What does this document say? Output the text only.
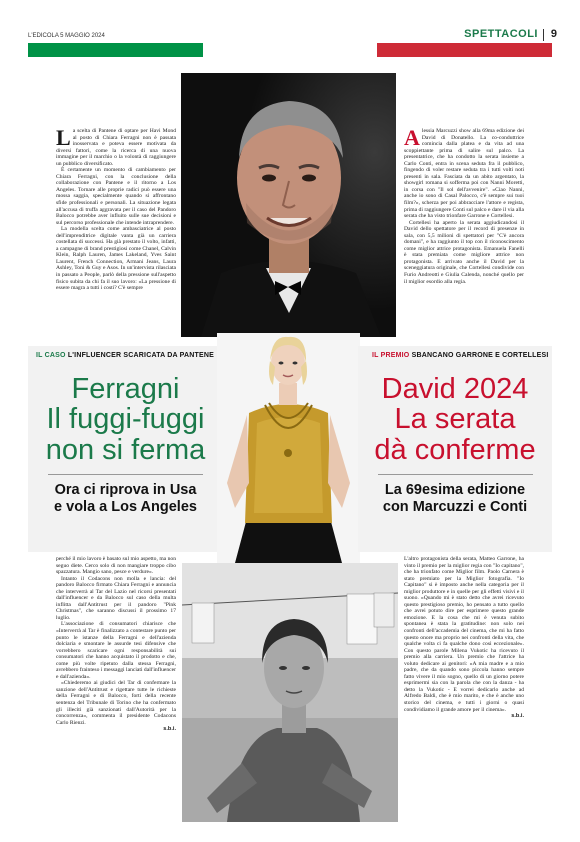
L'EDICOLA 5 MAGGIO 2024	SPETTACOLI 9

La scelta di Pantene di optare per Havi Mond al posto di Chiara Ferragni non è passata inosservata e poteva essere motivata da diversi fattori, come la ricerca di una nuova immagine per il marchio o la volontà di raggiungere un pubblico diversificato.

È certamente un momento di cambiamento per Chiara Ferragni, con la conclusione della collaborazione con Pantene e il ritorno a Los Angeles. Tornare alle proprie radici può essere una mossa saggia, specialmente quando si affrontano sfide professionali e personali. La situazione legata all'accusa di truffa aggravata per il caso del Pandoro Balocco potrebbe aver influito sulle sue decisioni e sul percorso professionale che intende intraprendere.

La modella scelta come ambasciatrice al posto dell'imprenditrice digitale vanta già un carriera costellata di successi. Ha già prestato il volto, infatti, a campagne di brand prestigiosi come Chanel, Calvin Klein, Ralph Lauren, James Lakeland, Yves Saint Laurent, French Connection, Armani Jeans, Laura Ashley, Toni & Guy e Asos. In un'intervista rilasciata in passato a People, parlò della pressione sull'aspetto fisico subita da chi fa il suo lavoro: «La pressione di essere magra a tutti i costi? C'è sempre

Alessia Marcuzzi show alla 69ma edizione dei David di Donatello. La co-conduttrice comincia dalla platea e da vita ad una scoppiettante prima di salire sul palco. La presentatrice, che ha condotto la serata insieme a Carlo Conti, entra in scena seduta fra il pubblico, fingendo di voler restare seduta tra i tutti volti noti presenti in sala. Fasciata da un abito argentato, la showgirl romana si sofferma poi con Nanni Moretti, in corsa con "Il sol dell'avvenire". «Ciao Nanni, anche io sono di Casal Palocco, c'è sempre sui tuoi film?», scherza per poi abbracciare l'attore e regista, prima di raggiungere Conti sul palco e dare il via alla serata che ha visto trionfare Garrone e Cortellesi.

Cortellesi ha aperto la serata aggiudicandosi il David dello spettatore per il record di presenze in sala, con 5,5 milioni di spettatori per "C'è ancora domani", e ha raggiunto il top con il riconoscimento come miglior attrice protagonista. Emanuela Fanelli è stata premiata come migliore attrice non protagonista. E arrivato anche il David per la sceneggiatura originale, che Cortellesi condivide con Furio Andreotti e Giulia Calenda, nonché quello per il miglior esordio alla regia.

IL CASO L'INFLUENCER SCARICATA DA PANTENE
Ferragni
Il fuggi-fuggi
non si ferma
Ora ci riprova in Usa
e vola a Los Angeles
IL PREMIO SBANCANO GARRONE E CORTELLESI
David 2024
La serata
dà conferme
La 69esima edizione
con Marcuzzi e Conti

perché il mio lavoro è basato sul mio aspetto, ma non seguo diete. Cerco solo di non mangiare troppo cibo spazzatura. Mangio sano, pesce e verdure».

Intanto il Codacons non molla e lancia: del pandoro Balocco firmato Chiara Ferragni e annuncia che interverrà al Tar del Lazio nel ricorsi presentati dall'influencer e da Balocco sul caso della multa inflitta dall'Antitrust per il pandoro "Pink Christmas", che saranno discussi il prossimo 17 luglio.

L'associazione di consumatori chiarisce che «Interverrà al Tar è finalizzato a contestare punto per punto le istanze della Ferragni e dell'azienda dolciaria e smontare le assurde tesi difensive che vorrebbero scaricare ogni responsabilità sui consumatori che hanno acquistato il prodotto e che, come più volte ripetuto dalla stessa Ferragni, avrebbero frainteso i messaggi lanciati dall'influencer e dall'azienda».

«Chiederemo ai giudici del Tar di confermare la sanzione dell'Antitrust e rigettare tutte le richieste della Ferragni e di Balocco, forti della recente sentenza del Tribunale di Torino che ha confermato gli illeciti già sanzionati dall'Autorità per la concorrenza», commenta il presidente Codacons Carlo Rienzi.

s.b.i.

L'altro protagonista della serata, Matteo Garrone, ha vinto il premio per la miglior regia con "Io capitano", che ha trionfato come Miglior film. Paolo Carnera è stato premiato per la Miglior fotografia. "Io Capitano" si è imposto anche nella categoria per il miglior produttore e in quelle per gli effetti visivi e il suono. «Quando mi è stato detto che avrei ricevuto questo prestigioso premio, ho pensato a tutto quello che avrei potuto dire per esprimere questo grande emozione. E la cosa che mi è venuta subito spontanea è stata la gratitudine: non solo nei confronti dell'accademia del cinema, che mi ha fatto questo onore ma proprio nei confronti della vita, che qualche volta ci fa qualche dono così eccezionale». Con questo parole Milena Vukotic ha ricevuto il premio alla carriera. Un premio che l'attrice ha voluto dedicare ai genitori: «A mia madre e a mio padre, che da quando sono piccola hanno sempre fatto vivere il mio sogno, quello di un giorno potere esprimermi sia con la parola che con la danza - ha detto la Vukotic - E vorrei dedicarlo anche ad Alfredo Baldi, che è mio marito, e che è anche uno storico del cinema, e tutti i giorni o quasi condividiamo il grande amore per il cinema».

s.b.i.
